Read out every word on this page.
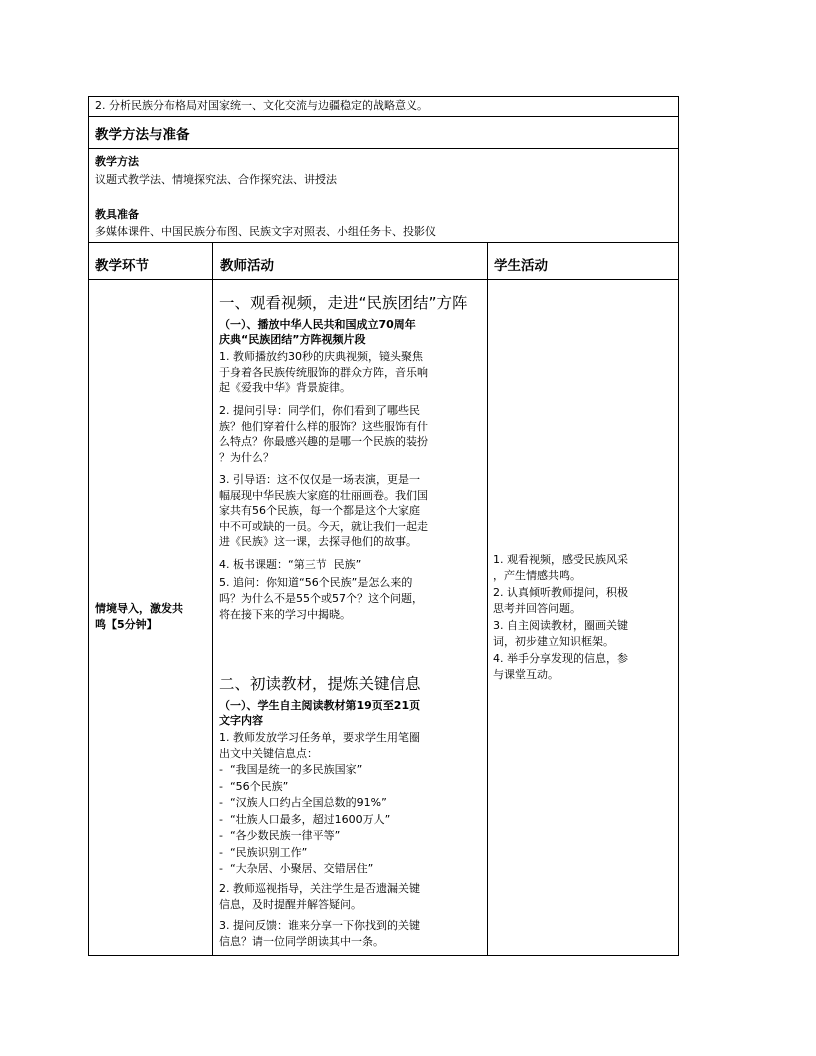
2. 分析民族分布格局对国家统一、文化交流与边疆稳定的战略意义。
教学方法与准备
教学方法
议题式教学法、情境探究法、合作探究法、讲授法
教具准备
多媒体课件、中国民族分布图、民族文字对照表、小组任务卡、投影仪
教学环节	教师活动	学生活动
情境导入，激发共
鸣【5分钟】
一、观看视频，走进“民族团结”方阵
（一）、播放中华人民共和国成立70周年
庆典“民族团结”方阵视频片段
1. 教师播放约30秒的庆典视频，镜头聚焦
于身着各民族传统服饰的群众方阵，音乐响
起《爱我中华》背景旋律。
2. 提问引导：同学们，你们看到了哪些民
族？他们穿着什么样的服饰？这些服饰有什
么特点？你最感兴趣的是哪一个民族的装扮
？为什么？
3. 引导语：这不仅仅是一场表演，更是一
幅展现中华民族大家庭的壮丽画卷。我们国
家共有56个民族，每一个都是这个大家庭
中不可或缺的一员。今天，就让我们一起走
进《民族》这一课，去探寻他们的故事。
4. 板书课题：“第三节  民族”
5. 追问：你知道“56个民族”是怎么来的
吗？为什么不是55个或57个？这个问题，
将在接下来的学习中揭晓。
二、初读教材，提炼关键信息
（一）、学生自主阅读教材第19页至21页
文字内容
1. 教师发放学习任务单，要求学生用笔圈
出文中关键信息点：
-  “我国是统一的多民族国家”
-  “56个民族”
-  “汉族人口约占全国总数的91%”
-  “壮族人口最多，超过1600万人”
-  “各少数民族一律平等”
-  “民族识别工作”
-  “大杂居、小聚居、交错居住”
2. 教师巡视指导，关注学生是否遗漏关键
信息，及时提醒并解答疑问。
3. 提问反馈：谁来分享一下你找到的关键
信息？请一位同学朗读其中一条。
1. 观看视频，感受民族风采
，产生情感共鸣。
2. 认真倾听教师提问，积极
思考并回答问题。
3. 自主阅读教材，圈画关键
词，初步建立知识框架。
4. 举手分享发现的信息，参
与课堂互动。
